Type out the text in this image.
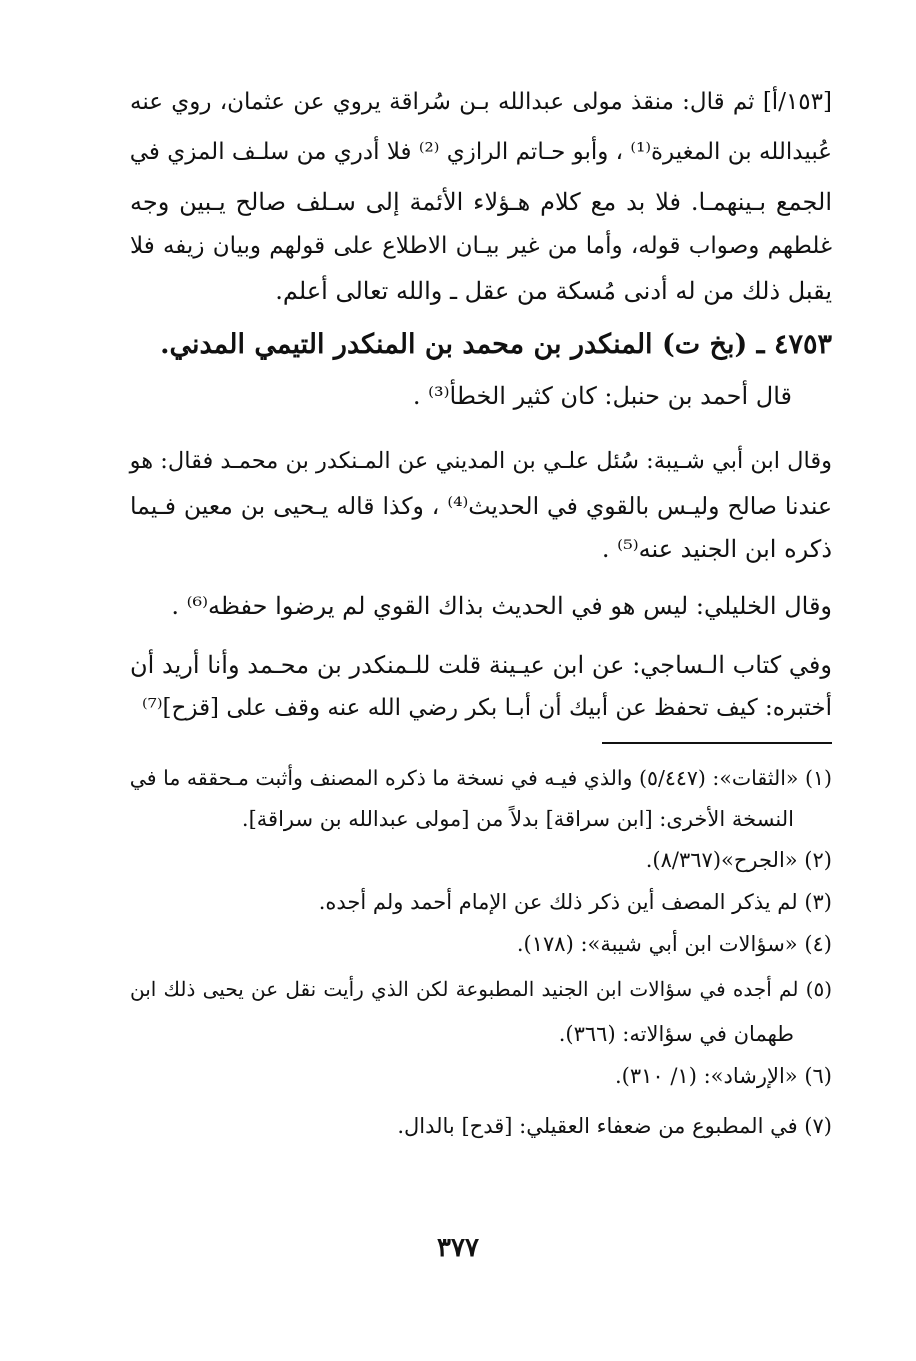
[١٥٣/أ] ثم قال: منقذ مولى عبدالله بـن سُراقة يروي عن عثمان، روي عنه
عُبيدالله بن المغيرة⁽¹⁾ ، وأبو حـاتم الرازي ⁽²⁾ فلا أدري من سلـف المزي في
الجمع بـينهمـا. فلا بد مع كلام هـؤلاء الأئمة إلى سـلف صالح يـبين وجه
غلطهم وصواب قوله، وأما من غير بيـان الاطلاع على قولهم وبيان زيفه فلا
يقبل ذلك من له أدنى مُسكة من عقل ـ والله تعالى أعلم.
٤٧٥٣ ـ (بخ ت) المنكدر بن محمد بن المنكدر التيمي المدني.
قال أحمد بن حنبل: كان كثير الخطأ⁽³⁾ .
وقال ابن أبي شـيبة: سُئل علـي بن المديني عن المـنكدر بن محمـد فقال: هو
عندنا صالح وليـس بالقوي في الحديث⁽⁴⁾ ، وكذا قاله يـحيى بن معين فـيما
ذكره ابن الجنيد عنه⁽⁵⁾ .
وقال الخليلي: ليس هو في الحديث بذاك القوي لم يرضوا حفظه⁽⁶⁾ .
وفي كتاب الـساجي: عن ابن عيـينة قلت للـمنكدر بن محـمد وأنا أريد أن
أختبره: كيف تحفظ عن أبيك أن أبـا بكر رضي الله عنه وقف على [قزح]⁽⁷⁾
(١) «الثقات»: (٥/٤٤٧) والذي فيـه في نسخة ما ذكره المصنف وأثبت مـحققه ما في
النسخة الأخرى: [ابن سراقة] بدلاً من [مولى عبدالله بن سراقة].
(٢) «الجرح»(٨/٣٦٧).
(٣) لم يذكر المصف أين ذكر ذلك عن الإمام أحمد ولم أجده.
(٤) «سؤالات ابن أبي شيبة»: (١٧٨).
(٥) لم أجده في سؤالات ابن الجنيد المطبوعة لكن الذي رأيت نقل عن يحيى ذلك ابن
طهمان في سؤالاته: (٣٦٦).
(٦) «الإرشاد»: (١/ ٣١٠).
(٧) في المطبوع من ضعفاء العقيلي: [قدح] بالدال.
٣٧٧
